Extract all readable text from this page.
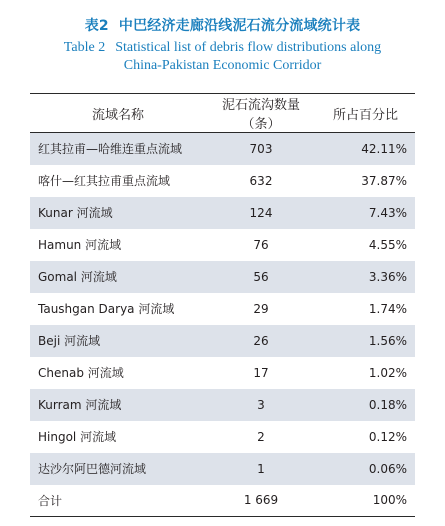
表2 中巴经济走廊沿线泥石流分流域统计表
Table 2 Statistical list of debris flow distributions along
China-Pakistan Economic Corridor
流域名称	泥石流沟数量（条）	所占百分比
红其拉甫—哈维连重点流域	703	42.11%
喀什—红其拉甫重点流域	632	37.87%
Kunar 河流域	124	7.43%
Hamun 河流域	76	4.55%
Gomal 河流域	56	3.36%
Taushgan Darya 河流域	29	1.74%
Beji 河流域	26	1.56%
Chenab 河流域	17	1.02%
Kurram 河流域	3	0.18%
Hingol 河流域	2	0.12%
达沙尔阿巴德河流域	1	0.06%
合计	1 669	100%
